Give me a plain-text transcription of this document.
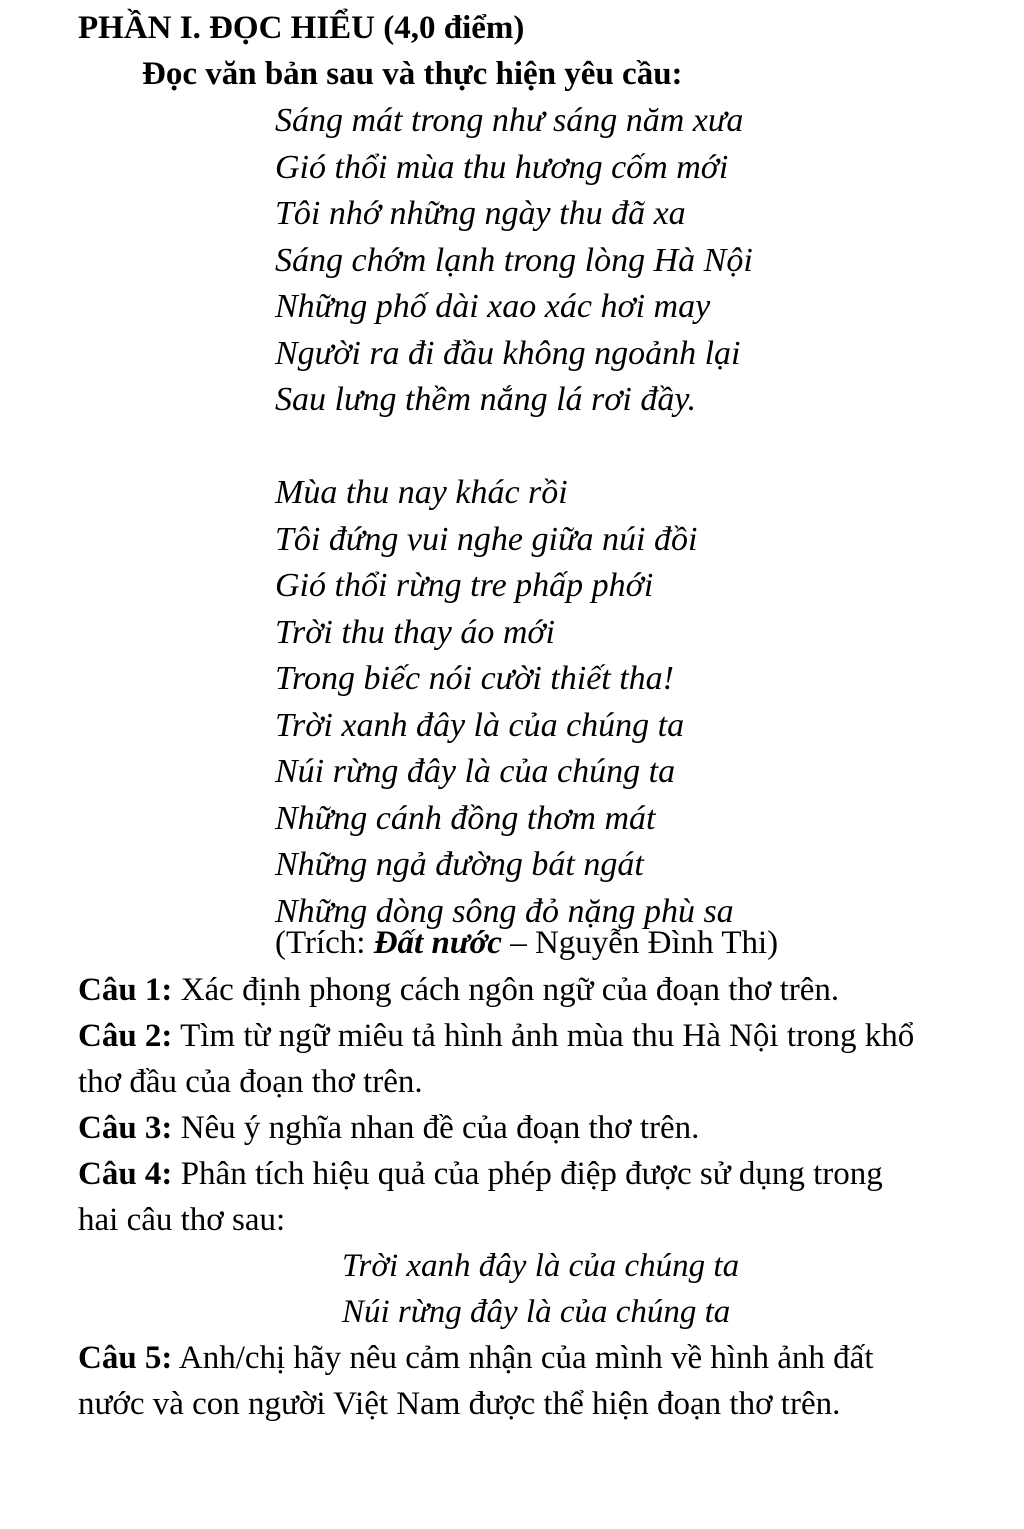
PHẦN I. ĐỌC HIỂU (4,0 điểm)
Đọc văn bản sau và thực hiện yêu cầu:
Sáng mát trong như sáng năm xưa
Gió thổi mùa thu hương cốm mới
Tôi nhớ những ngày thu đã xa
Sáng chớm lạnh trong lòng Hà Nội
Những phố dài xao xác hơi may
Người ra đi đầu không ngoảnh lại
Sau lưng thềm nắng lá rơi đầy.
Mùa thu nay khác rồi
Tôi đứng vui nghe giữa núi đồi
Gió thổi rừng tre phấp phới
Trời thu thay áo mới
Trong biếc nói cười thiết tha!
Trời xanh đây là của chúng ta
Núi rừng đây là của chúng ta
Những cánh đồng thơm mát
Những ngả đường bát ngát
Những dòng sông đỏ nặng phù sa
(Trích: Đất nước – Nguyễn Đình Thi)

Câu 1: Xác định phong cách ngôn ngữ của đoạn thơ trên.

Câu 2: Tìm từ ngữ miêu tả hình ảnh mùa thu Hà Nội trong khổ thơ đầu của đoạn thơ trên.

Câu 3: Nêu ý nghĩa nhan đề của đoạn thơ trên.

Câu 4: Phân tích hiệu quả của phép điệp được sử dụng trong hai câu thơ sau:

Trời xanh đây là của chúng ta
Núi rừng đây là của chúng ta

Câu 5: Anh/chị hãy nêu cảm nhận của mình về hình ảnh đất nước và con người Việt Nam được thể hiện đoạn thơ trên.
